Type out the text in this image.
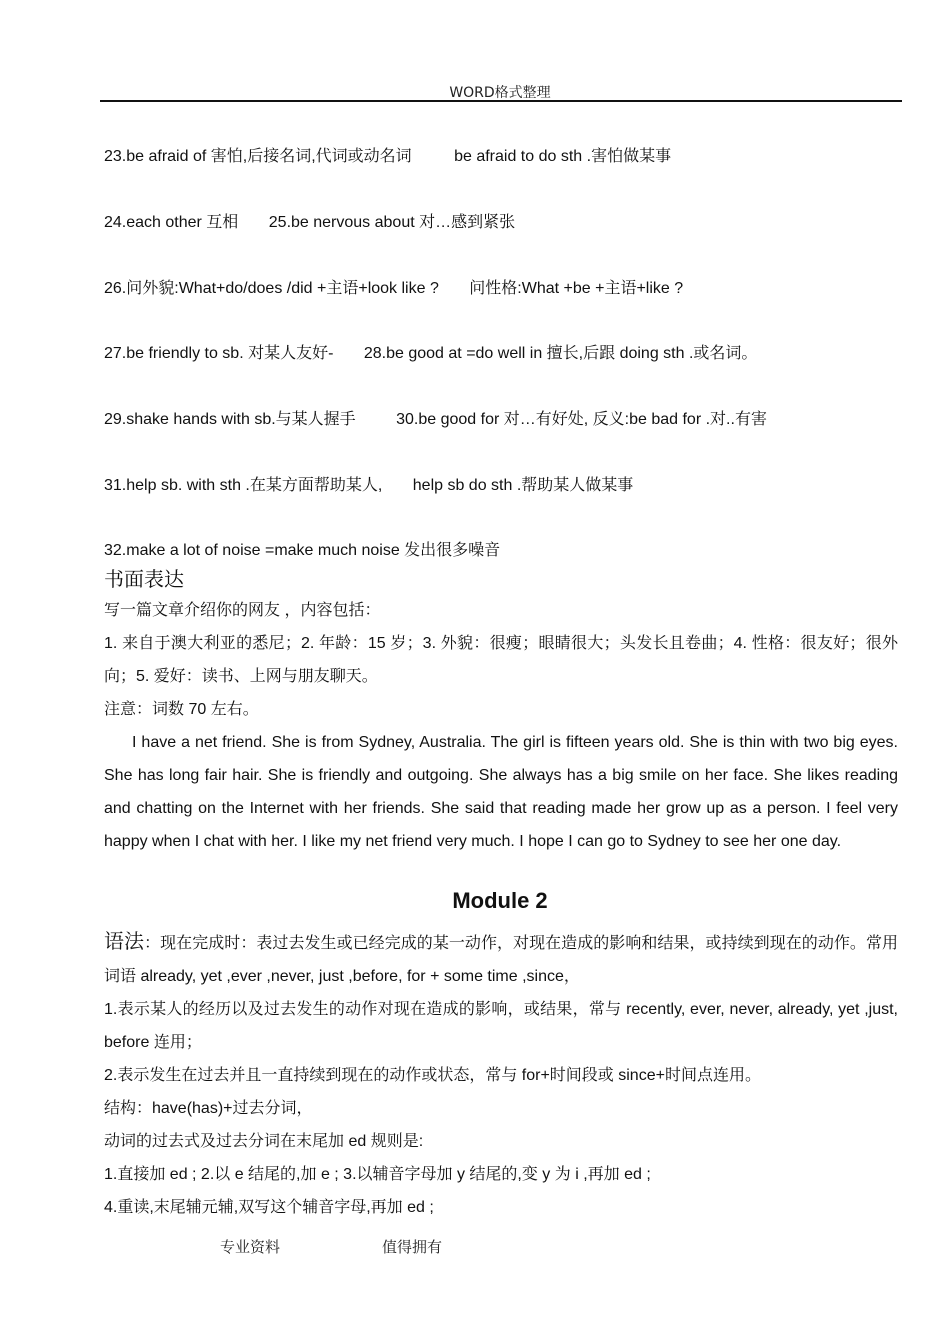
WORD格式整理
23.be afraid of 害怕,后接名词,代词或动名词	be afraid to do sth .害怕做某事
24.each other 互相 25.be nervous about 对…感到紧张
26.问外貌:What+do/does /did +主语+look like ? 问性格:What +be +主语+like ?
27.be friendly to sb. 对某人友好- 28.be good at =do well in 擅长,后跟 doing sth .或名词。
29.shake hands with sb.与某人握手	30.be good for 对…有好处, 反义:be bad for .对..有害
31.help sb. with sth .在某方面帮助某人, help sb do sth .帮助某人做某事
32.make a lot of noise =make much noise 发出很多噪音

书面表达

写一篇文章介绍你的网友 ，内容包括：

1. 来自于澳大利亚的悉尼；2. 年龄：15 岁；3. 外貌：很瘦；眼睛很大；头发长且卷曲；4. 性格：很友好；很外向；5. 爱好：读书、上网与朋友聊天。

注意：词数 70 左右。

I have a net friend. She is from Sydney, Australia. The girl is fifteen years old. She is thin with two big eyes. She has long fair hair. She is friendly and outgoing. She always has a big smile on her face. She likes reading and chatting on the Internet with her friends. She said that reading made her grow up as a person. I feel very happy when I chat with her. I like my net friend very much. I hope I can go to Sydney to see her one day.

Module 2

语法：现在完成时：表过去发生或已经完成的某一动作，对现在造成的影响和结果，或持续到现在的动作。常用词语 already, yet ,ever ,never, just ,before, for + some time ,since，

1.表示某人的经历以及过去发生的动作对现在造成的影响，或结果，常与 recently, ever, never, already, yet ,just, before 连用；

2.表示发生在过去并且一直持续到现在的动作或状态，常与 for+时间段或 since+时间点连用。

结构：have(has)+过去分词，

动词的过去式及过去分词在末尾加 ed 规则是:

1.直接加 ed ; 2.以 e 结尾的,加 e ; 3.以辅音字母加 y 结尾的,变 y 为 i ,再加 ed ;

4.重读,末尾辅元辅,双写这个辅音字母,再加 ed ;

专业资料	值得拥有
